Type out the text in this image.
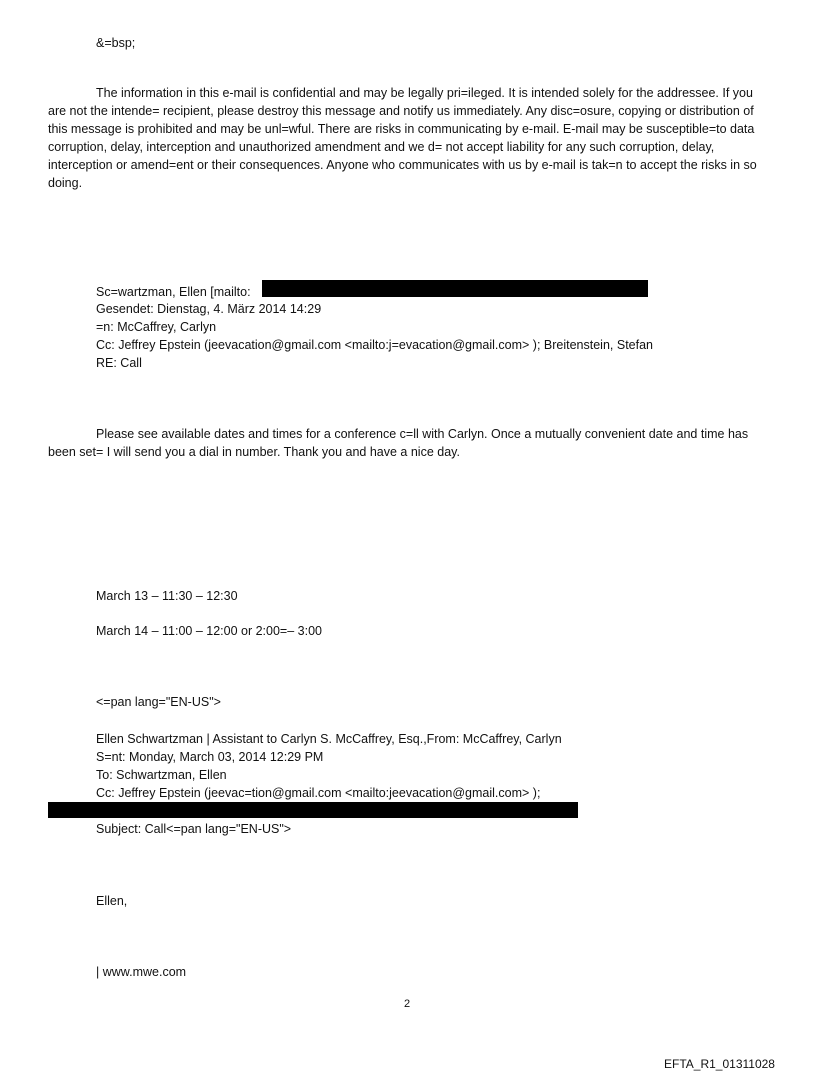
&=bsp;
The information in this e-mail is confidential and may be legally pri=ileged. It is intended solely for the addressee. If you are not the intende= recipient, please destroy this message and notify us immediately. Any disc=osure, copying or distribution of this message is prohibited and may be unl=wful. There are risks in communicating by e-mail. E-mail may be susceptible=to data corruption, delay, interception and unauthorized amendment and we d= not accept liability for any such corruption, delay, interception or amend=ent or their consequences. Anyone who communicates with us by e-mail is tak=n to accept the risks in so doing.
Sc=wartzman, Ellen [mailto:
Gesendet: Dienstag, 4. März 2014 14:29
=n: McCaffrey, Carlyn
Cc: Jeffrey Epstein (jeevacation@gmail.com <mailto:j=evacation@gmail.com> ); Breitenstein, Stefan
RE: Call
Please see available dates and times for a conference c=ll with Carlyn. Once a mutually convenient date and time has been set= I will send you a dial in number. Thank you and have a nice day.
March 13 – 11:30 – 12:30
March 14 – 11:00 – 12:00 or 2:00=– 3:00
<=pan lang="EN-US">
Ellen Schwartzman | Assistant to Carlyn S. McCaffrey, Esq.,From: McCaffrey, Carlyn
S=nt: Monday, March 03, 2014 12:29 PM
To: Schwartzman, Ellen
Cc: Jeffrey Epstein (jeevac=tion@gmail.com <mailto:jeevacation@gmail.com> );
Subject: Call<=pan lang="EN-US">
Ellen,
| www.mwe.com
2
EFTA_R1_01311028
